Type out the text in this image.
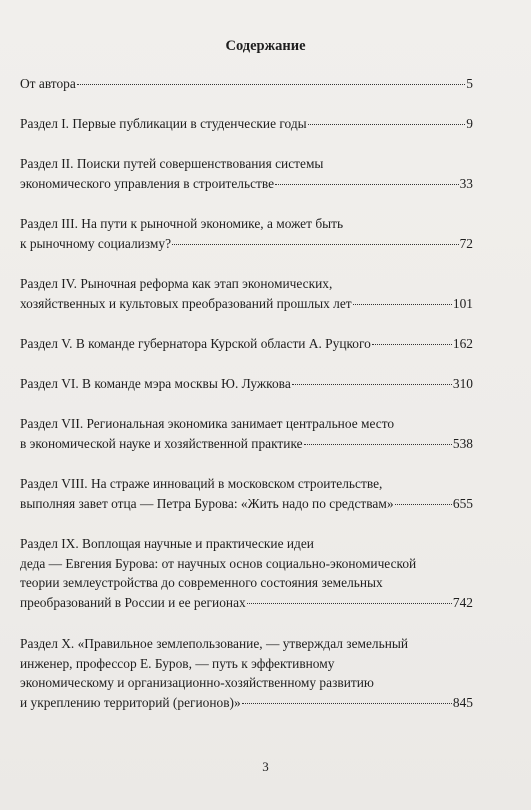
Содержание
От автора	5
Раздел I. Первые публикации в студенческие годы	9
Раздел II. Поиски путей совершенствования системы
экономического управления в строительстве	33
Раздел III. На пути к рыночной экономике, а может быть
к рыночному социализму?	72
Раздел IV. Рыночная реформа как этап экономических,
хозяйственных и культовых преобразований прошлых лет	101
Раздел V. В команде губернатора Курской области А. Руцкого	162
Раздел VI. В команде мэра москвы Ю. Лужкова	310
Раздел VII. Региональная экономика занимает центральное место
в экономической науке и хозяйственной практике	538
Раздел VIII. На страже инноваций в московском строительстве,
выполняя завет отца — Петра Бурова: «Жить надо по средствам»	655
Раздел IX. Воплощая научные и практические идеи
деда — Евгения Бурова: от научных основ социально-экономической
теории землеустройства до современного состояния земельных
преобразований в России и ее регионах	742
Раздел X. «Правильное землепользование, — утверждал земельный
инженер, профессор Е. Буров, — путь к эффективному
экономическому и организационно-хозяйственному развитию
и укреплению территорий (регионов)»	845
3
